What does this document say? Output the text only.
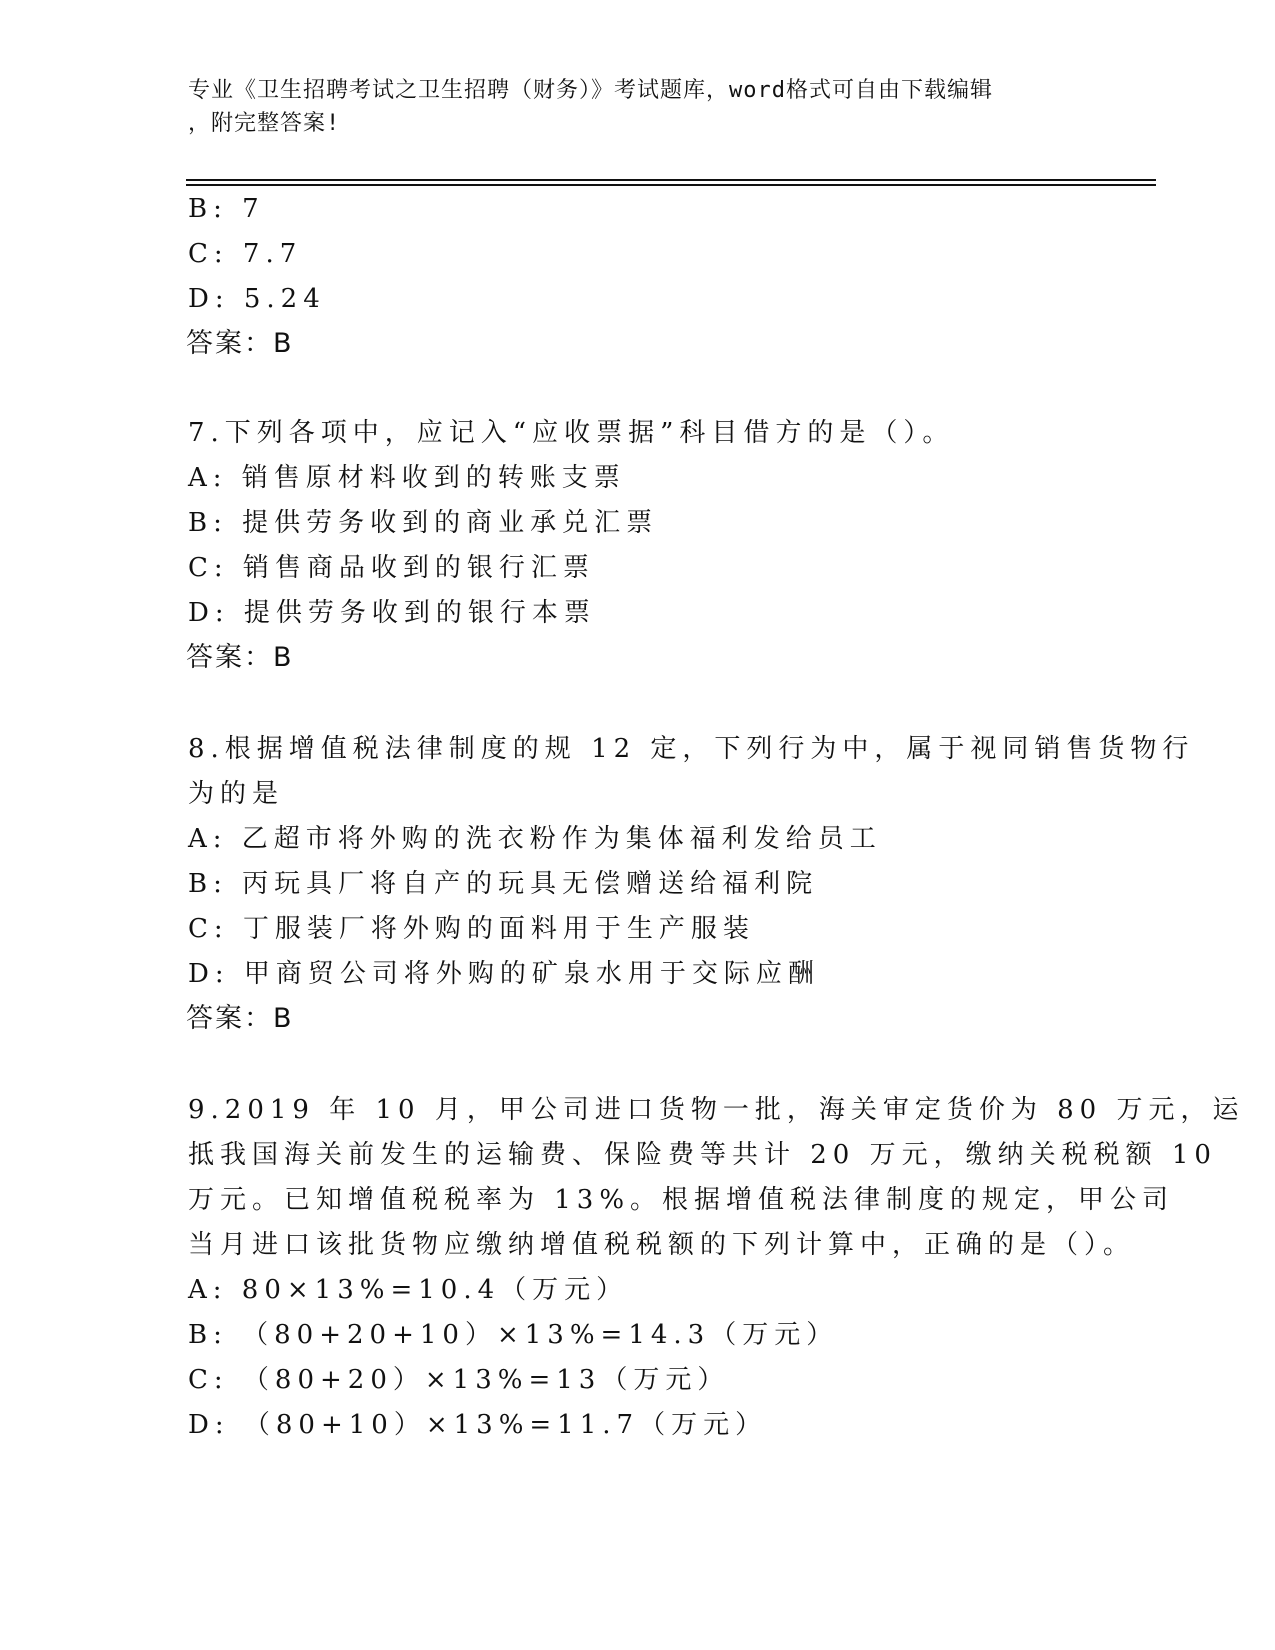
专业《卫生招聘考试之卫生招聘（财务）》考试题库，word格式可自由下载编辑
，附完整答案!
B: 7
C: 7.7
D: 5.24
答案：B
7.下列各项中，应记入“应收票据”科目借方的是（）。
A: 销售原材料收到的转账支票
B: 提供劳务收到的商业承兑汇票
C: 销售商品收到的银行汇票
D: 提供劳务收到的银行本票
答案：B
8.根据增值税法律制度的规 12 定，下列行为中，属于视同销售货物行
为的是
A: 乙超市将外购的洗衣粉作为集体福利发给员工
B: 丙玩具厂将自产的玩具无偿赠送给福利院
C: 丁服装厂将外购的面料用于生产服装
D: 甲商贸公司将外购的矿泉水用于交际应酬
答案：B
9.2019 年 10 月，甲公司进口货物一批，海关审定货价为 80 万元，运
抵我国海关前发生的运输费、保险费等共计 20 万元，缴纳关税税额 10
万元。已知增值税税率为 13%。根据增值税法律制度的规定，甲公司
当月进口该批货物应缴纳增值税税额的下列计算中，正确的是（）。
A: 80×13%=10.4（万元）
B: （80+20+10）×13%=14.3（万元）
C: （80+20）×13%=13（万元）
D: （80+10）×13%=11.7（万元）
